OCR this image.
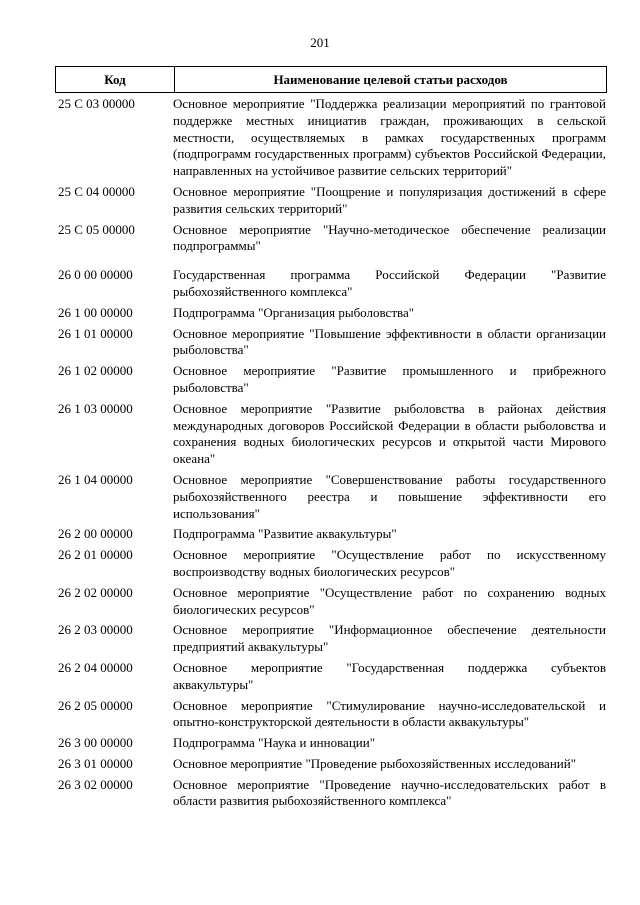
201
Код	Наименование целевой статьи расходов
25 С 03 00000	Основное мероприятие "Поддержка реализации мероприятий по грантовой поддержке местных инициатив граждан, проживающих в сельской местности, осуществляемых в рамках государственных программ (подпрограмм государственных программ) субъектов Российской Федерации, направленных на устойчивое развитие сельских территорий"
25 С 04 00000	Основное мероприятие "Поощрение и популяризация достижений в сфере развития сельских территорий"
25 С 05 00000	Основное мероприятие "Научно-методическое обеспечение реализации подпрограммы"
26 0 00 00000	Государственная программа Российской Федерации "Развитие рыбохозяйственного комплекса"
26 1 00 00000	Подпрограмма "Организация рыболовства"
26 1 01 00000	Основное мероприятие "Повышение эффективности в области организации рыболовства"
26 1 02 00000	Основное мероприятие "Развитие промышленного и прибрежного рыболовства"
26 1 03 00000	Основное мероприятие "Развитие рыболовства в районах действия международных договоров Российской Федерации в области рыболовства и сохранения водных биологических ресурсов и открытой части Мирового океана"
26 1 04 00000	Основное мероприятие "Совершенствование работы государственного рыбохозяйственного реестра и повышение эффективности его использования"
26 2 00 00000	Подпрограмма "Развитие аквакультуры"
26 2 01 00000	Основное мероприятие "Осуществление работ по искусственному воспроизводству водных биологических ресурсов"
26 2 02 00000	Основное мероприятие "Осуществление работ по сохранению водных биологических ресурсов"
26 2 03 00000	Основное мероприятие "Информационное обеспечение деятельности предприятий аквакультуры"
26 2 04 00000	Основное мероприятие "Государственная поддержка субъектов аквакультуры"
26 2 05 00000	Основное мероприятие "Стимулирование научно-исследовательской и опытно-конструкторской деятельности в области аквакультуры"
26 3 00 00000	Подпрограмма "Наука и инновации"
26 3 01 00000	Основное мероприятие "Проведение рыбохозяйственных исследований"
26 3 02 00000	Основное мероприятие "Проведение научно-исследовательских работ в области развития рыбохозяйственного комплекса"
